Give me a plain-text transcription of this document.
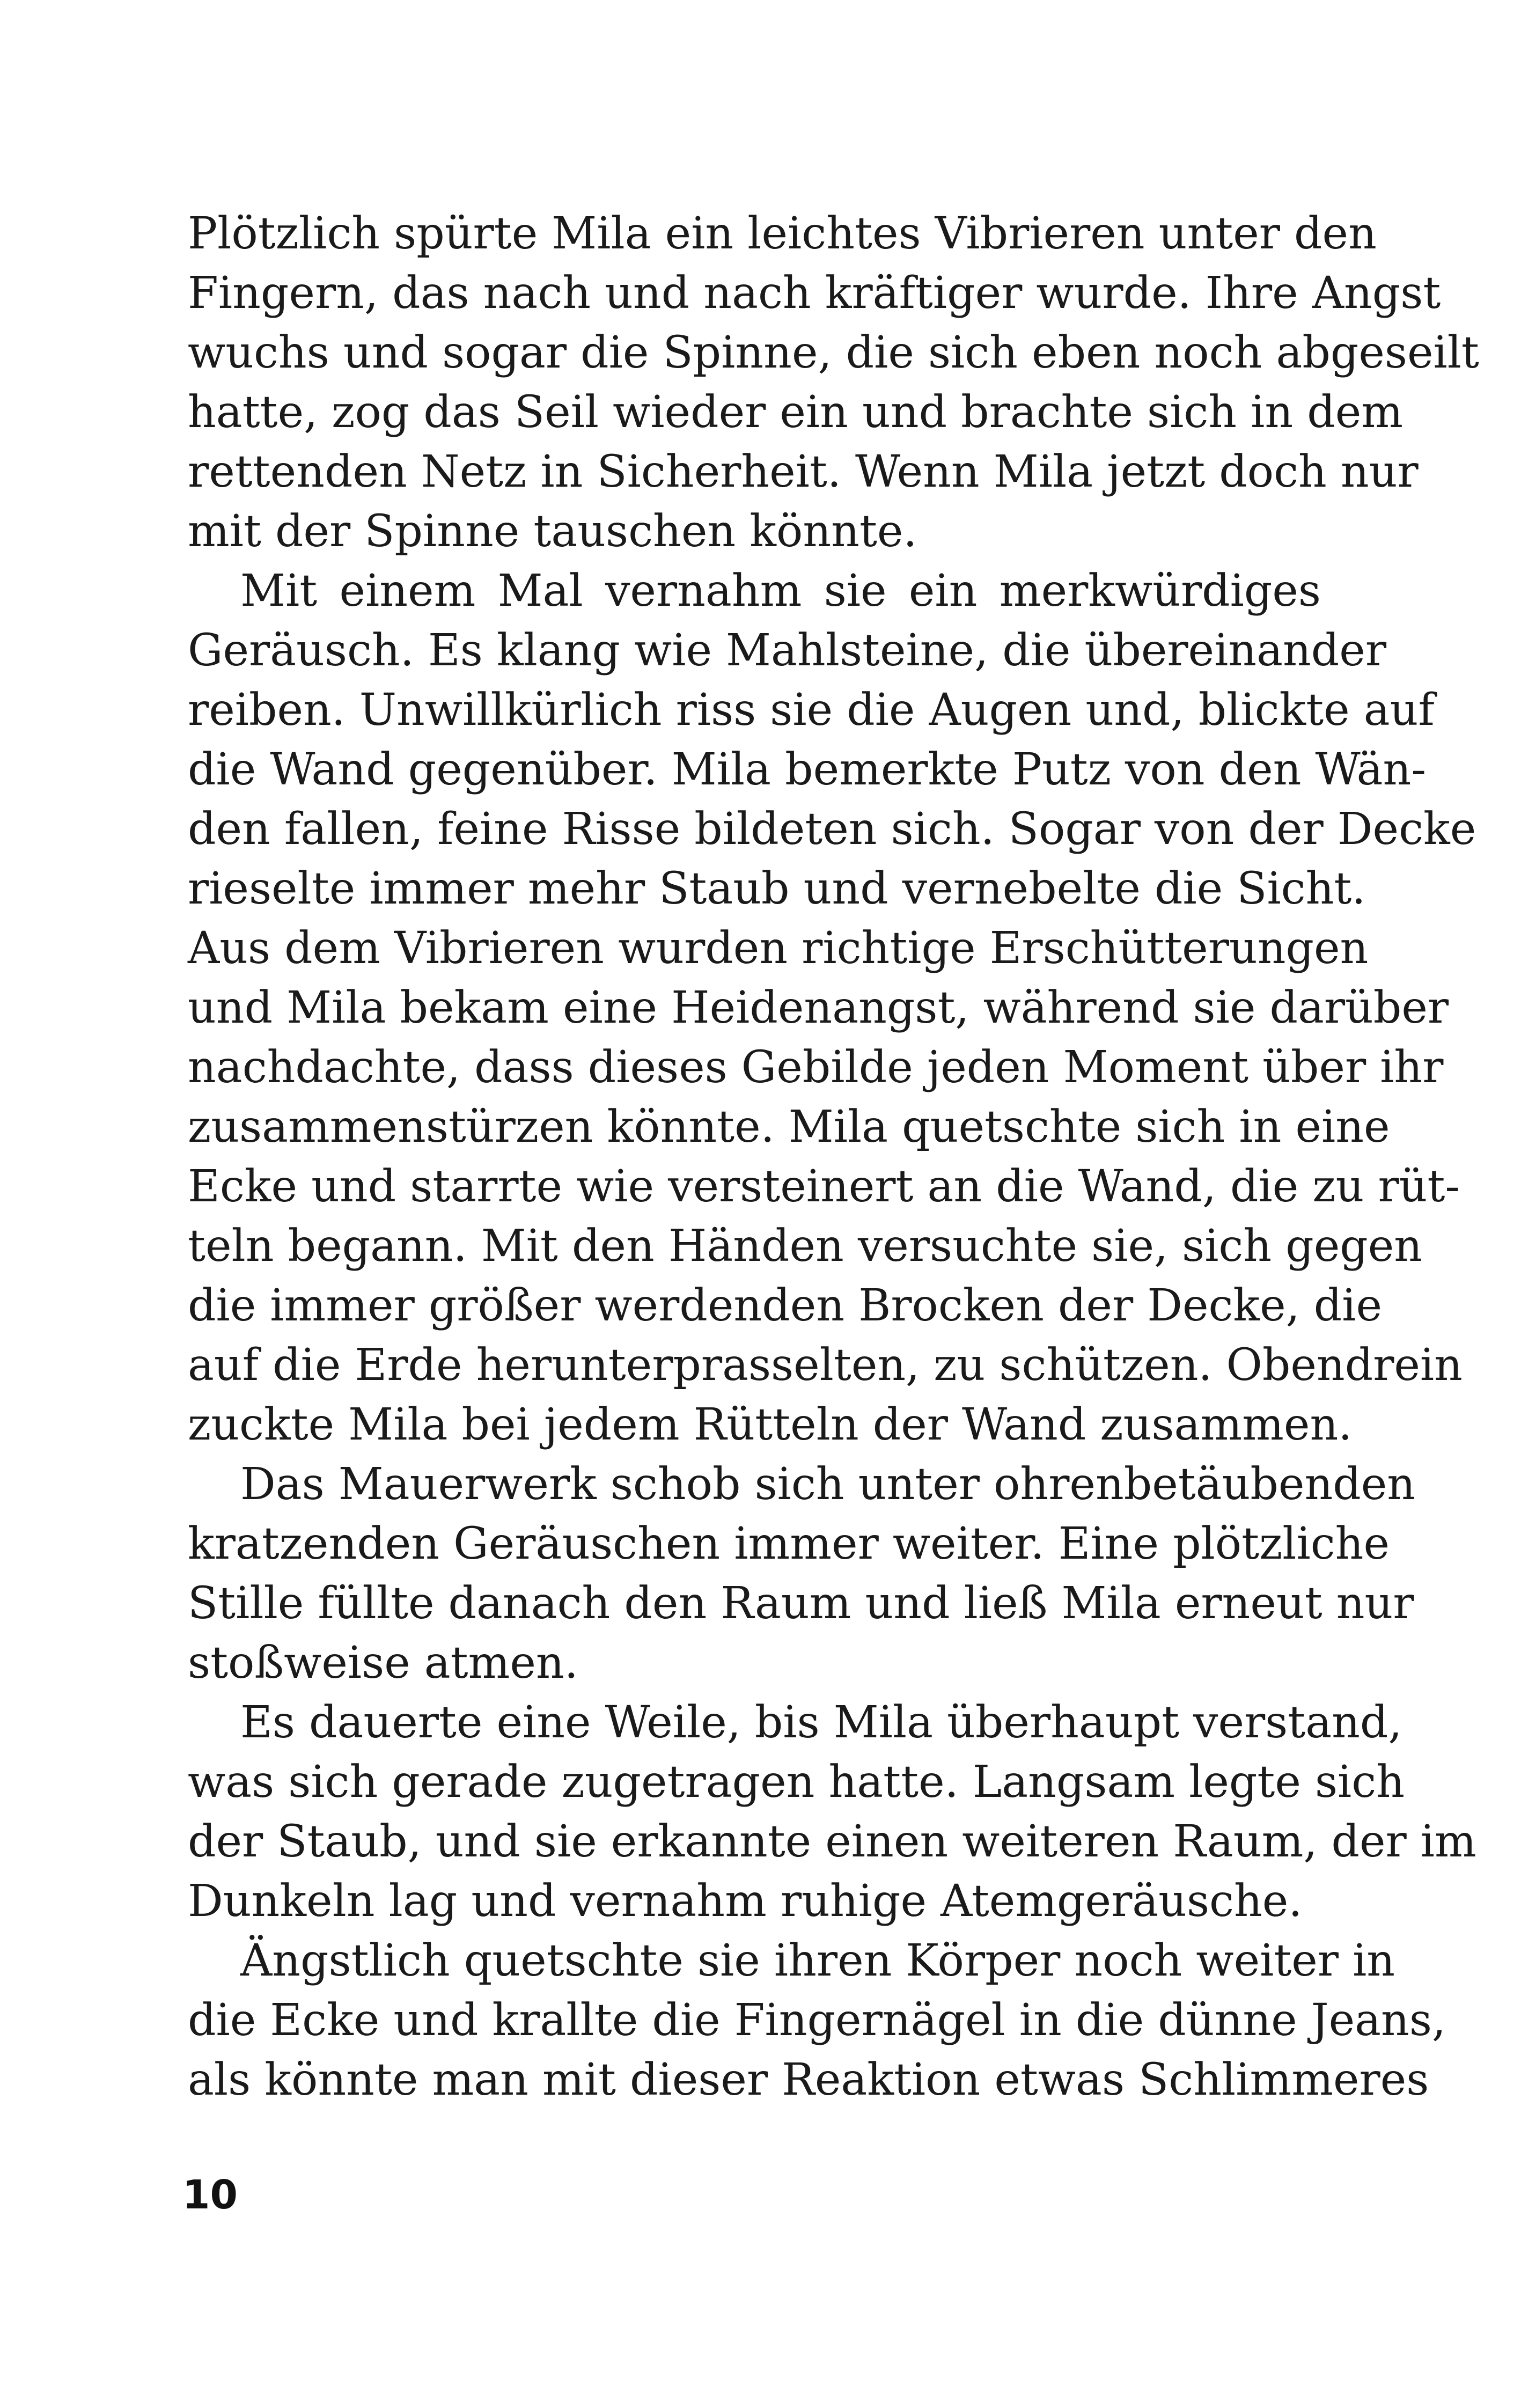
Plötzlich spürte Mila ein leichtes Vibrieren unter den
Fingern, das nach und nach kräftiger wurde. Ihre Angst
wuchs und sogar die Spinne, die sich eben noch abgeseilt
hatte, zog das Seil wieder ein und brachte sich in dem
rettenden Netz in Sicherheit. Wenn Mila jetzt doch nur
mit der Spinne tauschen könnte.
Mit einem Mal vernahm sie ein merkwürdiges
Geräusch. Es klang wie Mahlsteine, die übereinander
reiben. Unwillkürlich riss sie die Augen und, blickte auf
die Wand gegenüber. Mila bemerkte Putz von den Wän-
den fallen, feine Risse bildeten sich. Sogar von der Decke
rieselte immer mehr Staub und vernebelte die Sicht.
Aus dem Vibrieren wurden richtige Erschütterungen
und Mila bekam eine Heidenangst, während sie darüber
nachdachte, dass dieses Gebilde jeden Moment über ihr
zusammenstürzen könnte. Mila quetschte sich in eine
Ecke und starrte wie versteinert an die Wand, die zu rüt-
teln begann. Mit den Händen versuchte sie, sich gegen
die immer größer werdenden Brocken der Decke, die
auf die Erde herunterprasselten, zu schützen. Obendrein
zuckte Mila bei jedem Rütteln der Wand zusammen.
Das Mauerwerk schob sich unter ohrenbetäubenden
kratzenden Geräuschen immer weiter. Eine plötzliche
Stille füllte danach den Raum und ließ Mila erneut nur
stoßweise atmen.
Es dauerte eine Weile, bis Mila überhaupt verstand,
was sich gerade zugetragen hatte. Langsam legte sich
der Staub, und sie erkannte einen weiteren Raum, der im
Dunkeln lag und vernahm ruhige Atemgeräusche.
Ängstlich quetschte sie ihren Körper noch weiter in
die Ecke und krallte die Fingernägel in die dünne Jeans,
als könnte man mit dieser Reaktion etwas Schlimmeres
10
